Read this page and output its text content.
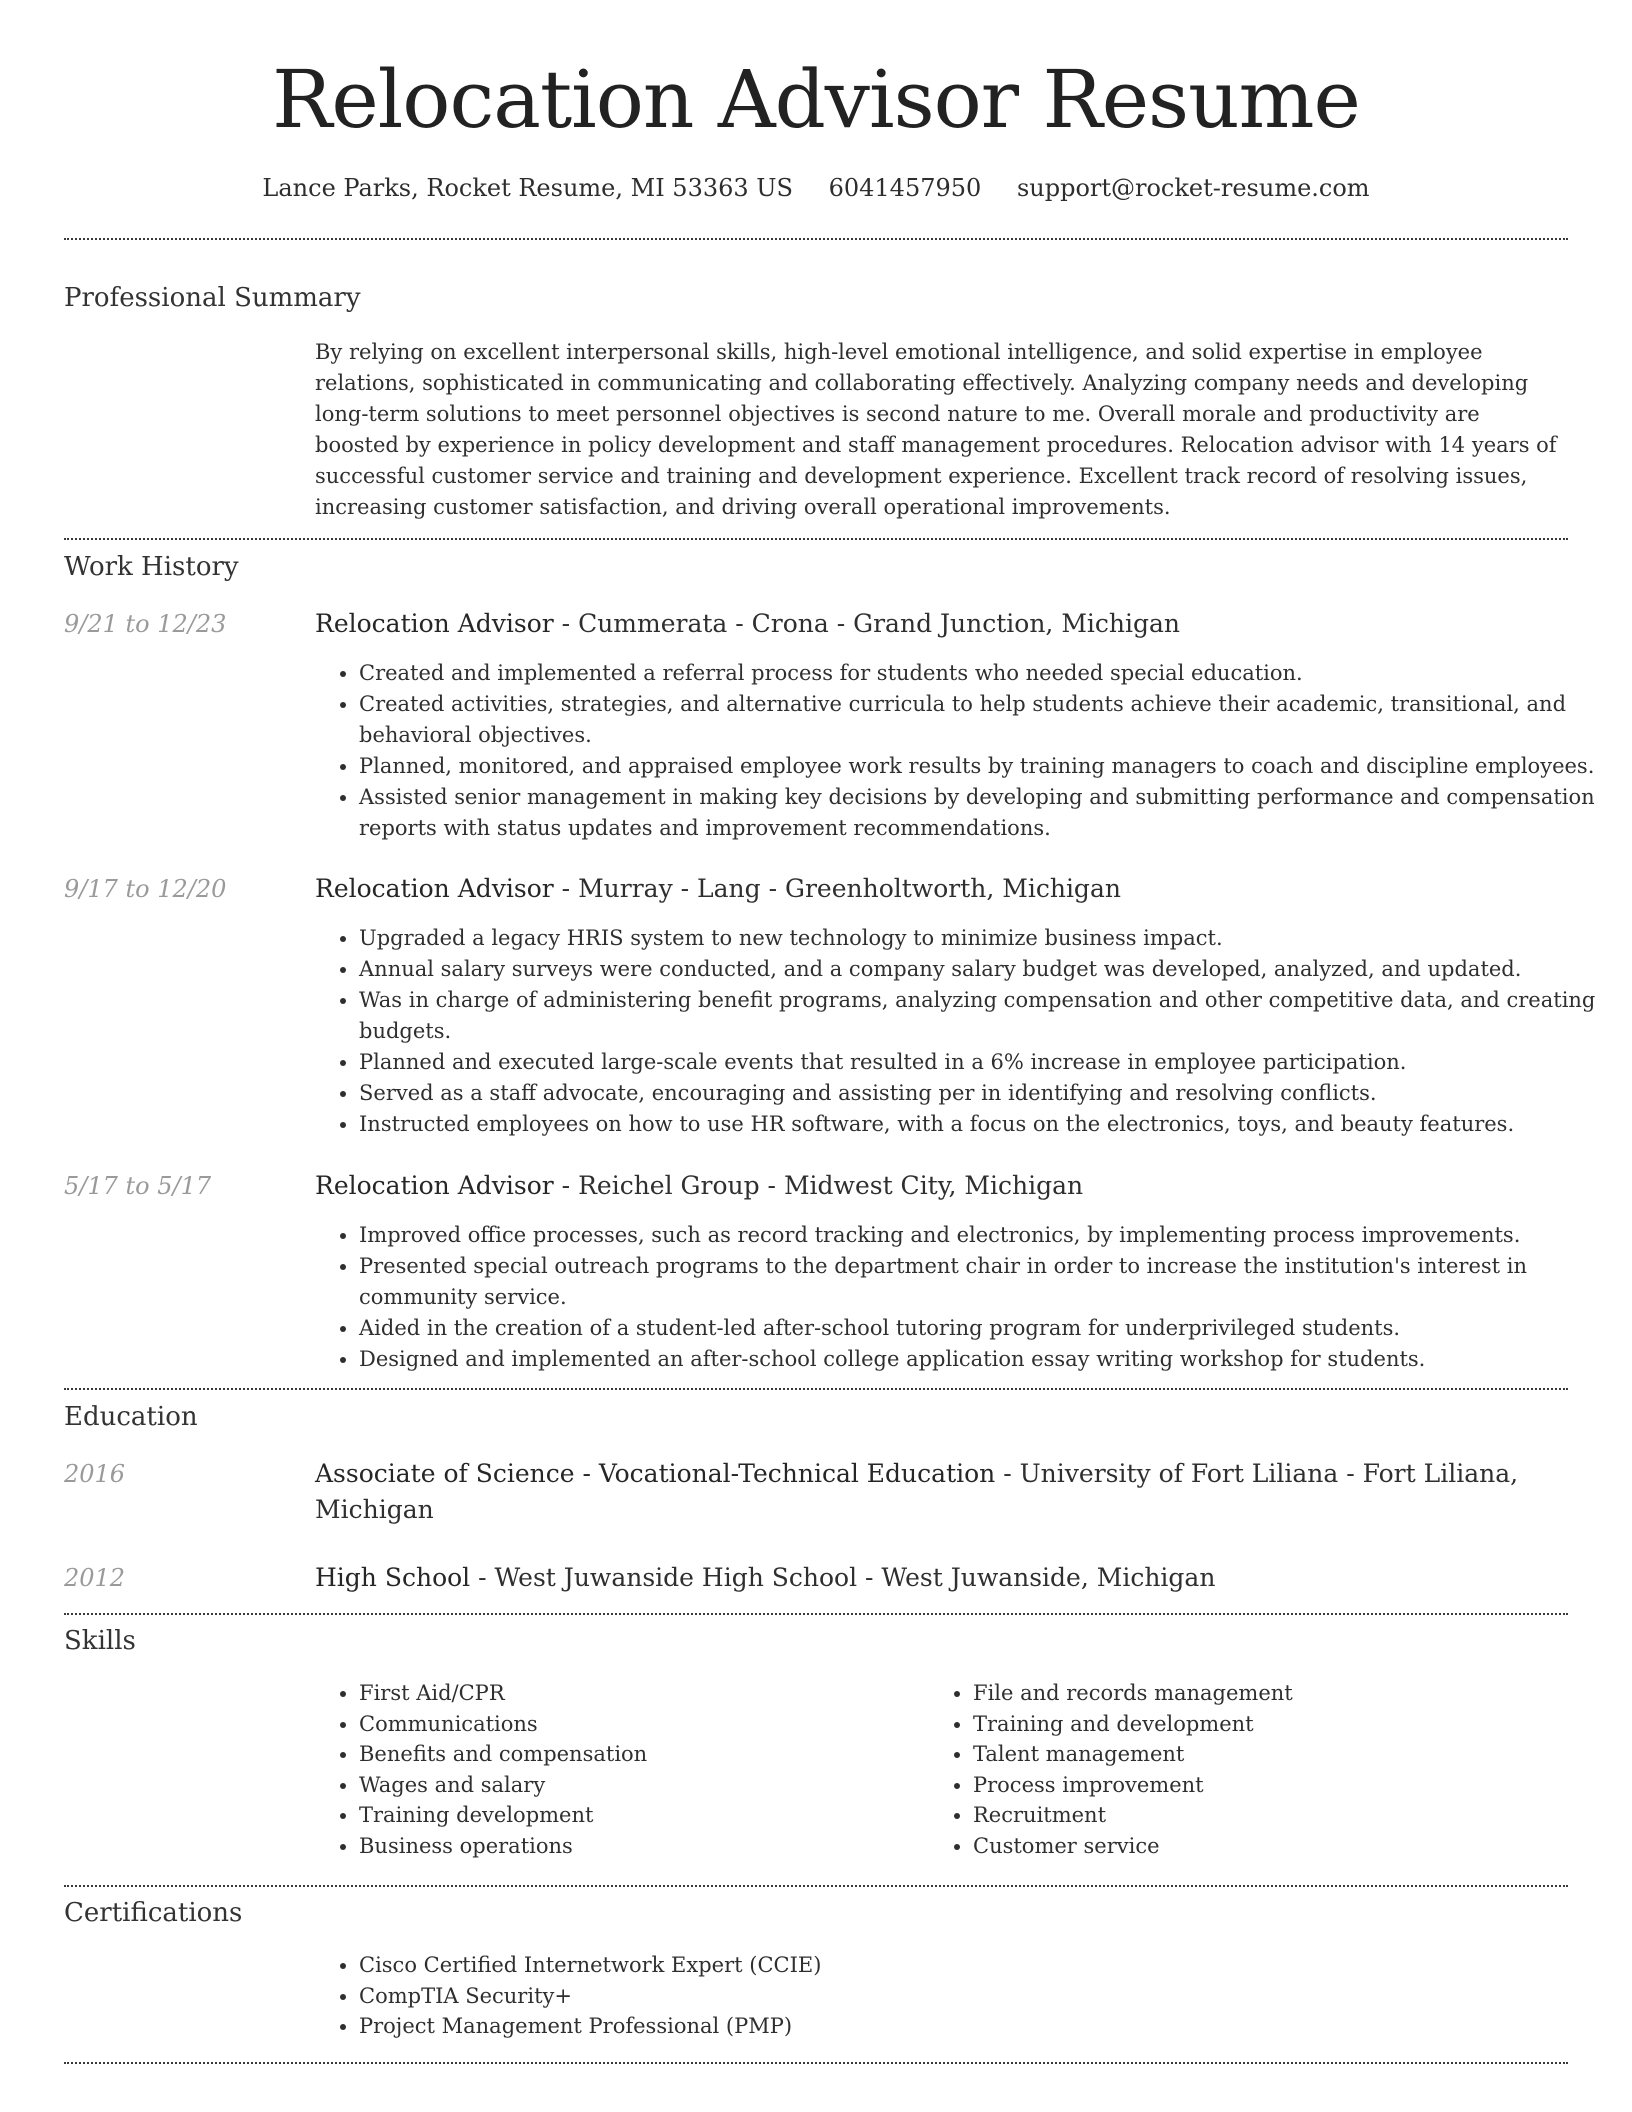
Relocation Advisor Resume
Lance Parks, Rocket Resume, MI 53363 US 6041457950 support@rocket-resume.com
Professional Summary
By relying on excellent interpersonal skills, high-level emotional intelligence, and solid expertise in employee relations, sophisticated in communicating and collaborating effectively. Analyzing company needs and developing long-term solutions to meet personnel objectives is second nature to me. Overall morale and productivity are boosted by experience in policy development and staff management procedures. Relocation advisor with 14 years of successful customer service and training and development experience. Excellent track record of resolving issues, increasing customer satisfaction, and driving overall operational improvements.
Work History
9/21 to 12/23	Relocation Advisor - Cummerata - Crona - Grand Junction, Michigan
• Created and implemented a referral process for students who needed special education.
• Created activities, strategies, and alternative curricula to help students achieve their academic, transitional, and behavioral objectives.
• Planned, monitored, and appraised employee work results by training managers to coach and discipline employees.
• Assisted senior management in making key decisions by developing and submitting performance and compensation reports with status updates and improvement recommendations.
9/17 to 12/20	Relocation Advisor - Murray - Lang - Greenholtworth, Michigan
• Upgraded a legacy HRIS system to new technology to minimize business impact.
• Annual salary surveys were conducted, and a company salary budget was developed, analyzed, and updated.
• Was in charge of administering benefit programs, analyzing compensation and other competitive data, and creating budgets.
• Planned and executed large-scale events that resulted in a 6% increase in employee participation.
• Served as a staff advocate, encouraging and assisting per in identifying and resolving conflicts.
• Instructed employees on how to use HR software, with a focus on the electronics, toys, and beauty features.
5/17 to 5/17	Relocation Advisor - Reichel Group - Midwest City, Michigan
• Improved office processes, such as record tracking and electronics, by implementing process improvements.
• Presented special outreach programs to the department chair in order to increase the institution's interest in community service.
• Aided in the creation of a student-led after-school tutoring program for underprivileged students.
• Designed and implemented an after-school college application essay writing workshop for students.
Education
2016	Associate of Science - Vocational-Technical Education - University of Fort Liliana - Fort Liliana, Michigan
2012	High School - West Juwanside High School - West Juwanside, Michigan
Skills
• First Aid/CPR
• Communications
• Benefits and compensation
• Wages and salary
• Training development
• Business operations
• File and records management
• Training and development
• Talent management
• Process improvement
• Recruitment
• Customer service
Certifications
• Cisco Certified Internetwork Expert (CCIE)
• CompTIA Security+
• Project Management Professional (PMP)
